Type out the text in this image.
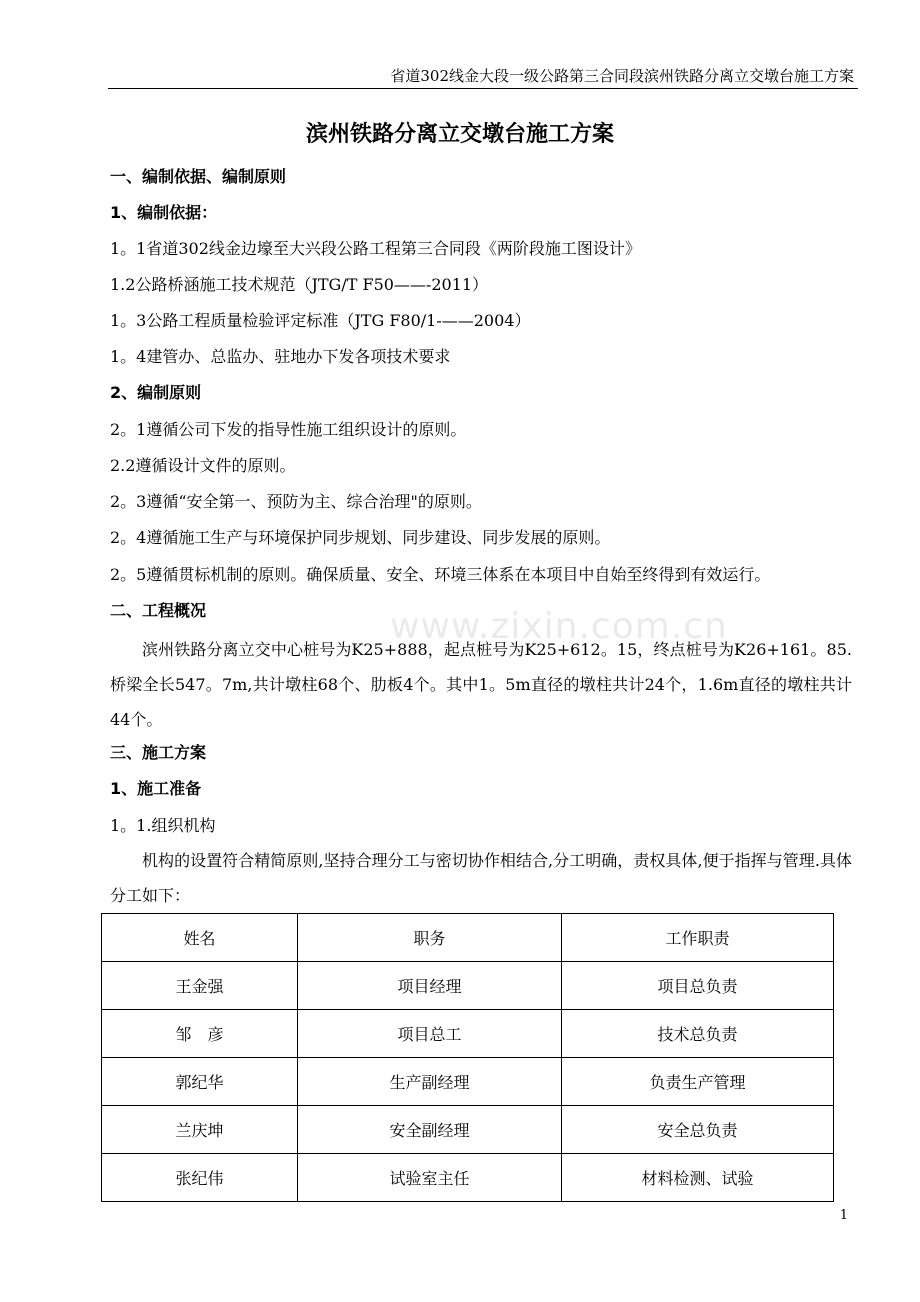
省道302线金大段一级公路第三合同段滨州铁路分离立交墩台施工方案
滨州铁路分离立交墩台施工方案
一、编制依据、编制原则
1、编制依据：
1。1省道302线金边壕至大兴段公路工程第三合同段《两阶段施工图设计》
1.2公路桥涵施工技术规范（JTG/T F50——-2011）
1。3公路工程质量检验评定标准（JTG F80/1-——2004）
1。4建管办、总监办、驻地办下发各项技术要求
2、编制原则
2。1遵循公司下发的指导性施工组织设计的原则。
2.2遵循设计文件的原则。
2。3遵循“安全第一、预防为主、综合治理"的原则。
2。4遵循施工生产与环境保护同步规划、同步建设、同步发展的原则。
2。5遵循贯标机制的原则。确保质量、安全、环境三体系在本项目中自始至终得到有效运行。
二、工程概况
滨州铁路分离立交中心桩号为K25+888，起点桩号为K25+612。15，终点桩号为K26+161。85.桥梁全长547。7m,共计墩柱68个、肋板4个。其中1。5m直径的墩柱共计24个，1.6m直径的墩柱共计44个。
三、施工方案
1、施工准备
1。1.组织机构
机构的设置符合精简原则,坚持合理分工与密切协作相结合,分工明确，责权具体,便于指挥与管理.具体分工如下：
姓名	职务	工作职责
王金强	项目经理	项目总负责
邹　彦	项目总工	技术总负责
郭纪华	生产副经理	负责生产管理
兰庆坤	安全副经理	安全总负责
张纪伟	试验室主任	材料检测、试验
www.zixin.com.cn
1
